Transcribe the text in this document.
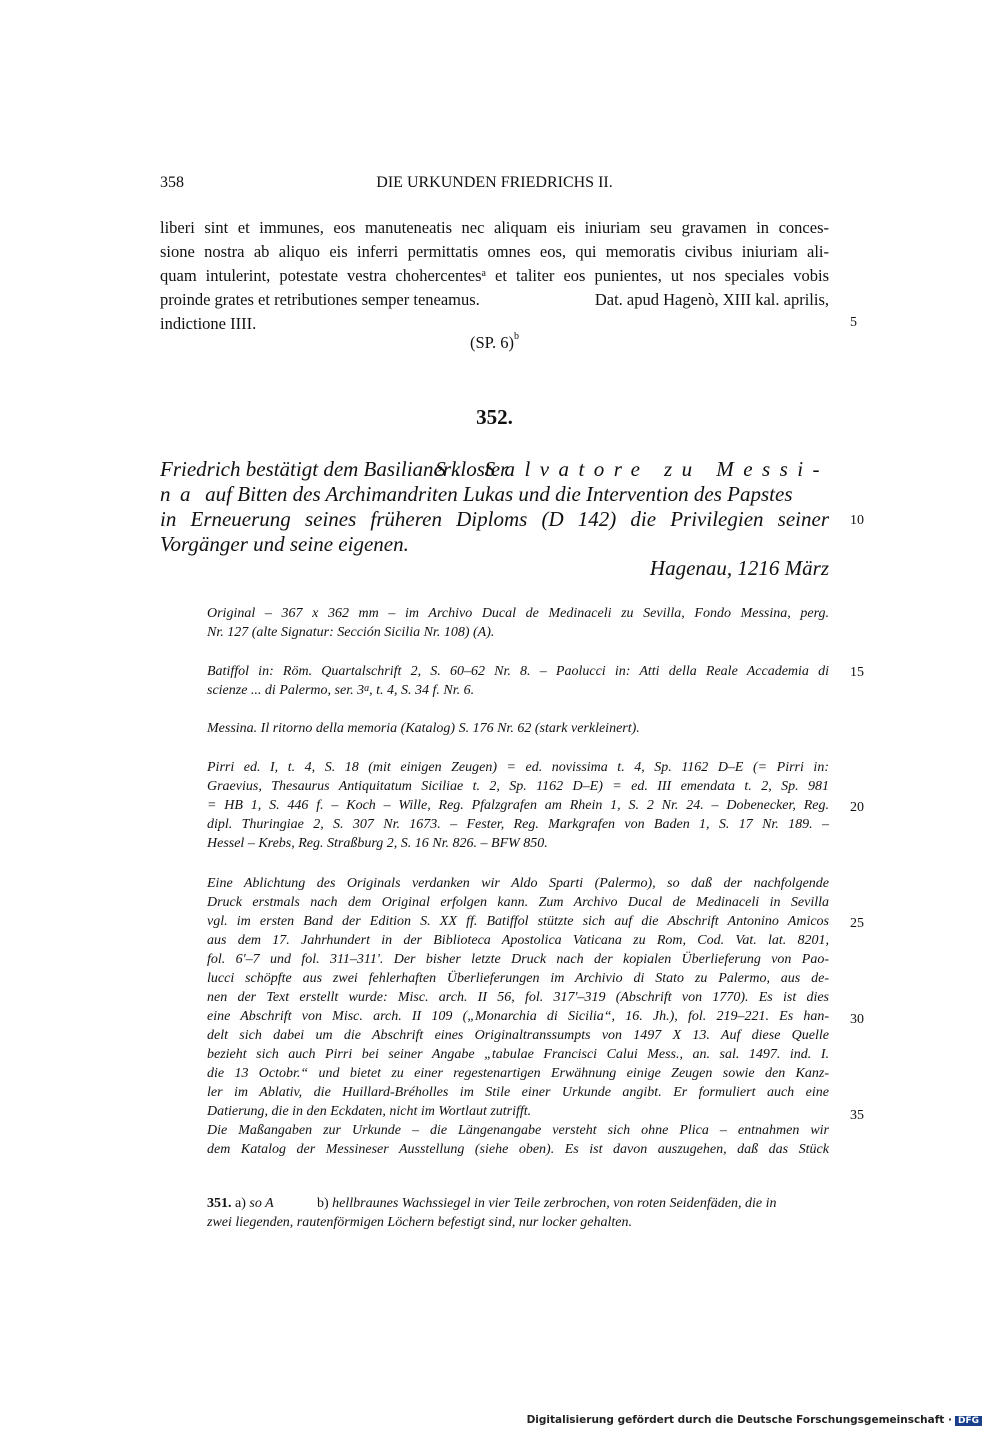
358	DIE URKUNDEN FRIEDRICHS II.
liberi sint et immunes, eos manuteneatis nec aliquam eis iniuriam seu gravamen in conces-
sione nostra ab aliquo eis inferri permittatis omnes eos, qui memoratis civibus iniuriam ali-
quam intulerint, potestate vestra chohercentes$^a$ et taliter eos punientes, ut nos speciales vobis
proinde grates et retributiones semper teneamus.	Dat. apud Hagenò, XIII kal. aprilis,
indictione IIII.
(SP. 6)$^b$
352.
Friedrich bestätigt dem Basilianerkloster
S. Salvatore zu Messi-
na auf Bitten des Archimandriten Lukas und die Intervention des Papstes
in Erneuerung seines früheren Diploms (D 142) die Privilegien seiner
Vorgänger und seine eigenen.
Hagenau, 1216 März
Original – 367 x 362 mm – im Archivo Ducal de Medinaceli zu Sevilla, Fondo Messina, perg.
Nr. 127 (alte Signatur: Sección Sicilia Nr. 108) (A).
Batiffol in: Röm. Quartalschrift 2, S. 60–62 Nr. 8. – Paolucci in: Atti della Reale Accademia di
scienze ... di Palermo, ser. 3$^a$, t. 4, S. 34 f. Nr. 6.
Messina. Il ritorno della memoria (Katalog) S. 176 Nr. 62 (stark verkleinert).
Pirri ed. I, t. 4, S. 18 (mit einigen Zeugen) = ed. novissima t. 4, Sp. 1162 D–E (= Pirri in:
Graevius, Thesaurus Antiquitatum Siciliae t. 2, Sp. 1162 D–E) = ed. III emendata t. 2, Sp. 981
= HB 1, S. 446 f. – Koch – Wille, Reg. Pfalzgrafen am Rhein 1, S. 2 Nr. 24. – Dobenecker, Reg.
dipl. Thuringiae 2, S. 307 Nr. 1673. – Fester, Reg. Markgrafen von Baden 1, S. 17 Nr. 189. –
Hessel – Krebs, Reg. Straßburg 2, S. 16 Nr. 826. – BFW 850.
Eine Ablichtung des Originals verdanken wir Aldo Sparti (Palermo), so daß der nachfolgende
Druck erstmals nach dem Original erfolgen kann. Zum Archivo Ducal de Medinaceli in Sevilla
vgl. im ersten Band der Edition S. XX ff. Batiffol stützte sich auf die Abschrift Antonino Amicos
aus dem 17. Jahrhundert in der Biblioteca Apostolica Vaticana zu Rom, Cod. Vat. lat. 8201,
fol. 6'–7 und fol. 311–311'. Der bisher letzte Druck nach der kopialen Überlieferung von Pao-
lucci schöpfte aus zwei fehlerhaften Überlieferungen im Archivio di Stato zu Palermo, aus de-
nen der Text erstellt wurde: Misc. arch. II 56, fol. 317'–319 (Abschrift von 1770). Es ist dies
eine Abschrift von Misc. arch. II 109 („Monarchia di Sicilia“, 16. Jh.), fol. 219–221. Es han-
delt sich dabei um die Abschrift eines Originaltranssumpts von 1497 X 13. Auf diese Quelle
bezieht sich auch Pirri bei seiner Angabe „tabulae Francisci Calui Mess., an. sal. 1497. ind. I.
die 13 Octobr.“ und bietet zu einer regestenartigen Erwähnung einige Zeugen sowie den Kanz-
ler im Ablativ, die Huillard-Bréholles im Stile einer Urkunde angibt. Er formuliert auch eine
Datierung, die in den Eckdaten, nicht im Wortlaut zutrifft.
Die Maßangaben zur Urkunde – die Längenangabe versteht sich ohne Plica – entnahmen wir
dem Katalog der Messineser Ausstellung (siehe oben). Es ist davon auszugehen, daß das Stück
351. a) so A	b) hellbraunes Wachssiegel in vier Teile zerbrochen, von roten Seidenfäden, die in
zwei liegenden, rautenförmigen Löchern befestigt sind, nur locker gehalten.
5
10
15
20
25
30
35
Digitalisierung gefördert durch die Deutsche Forschungsgemeinschaft · DFG
